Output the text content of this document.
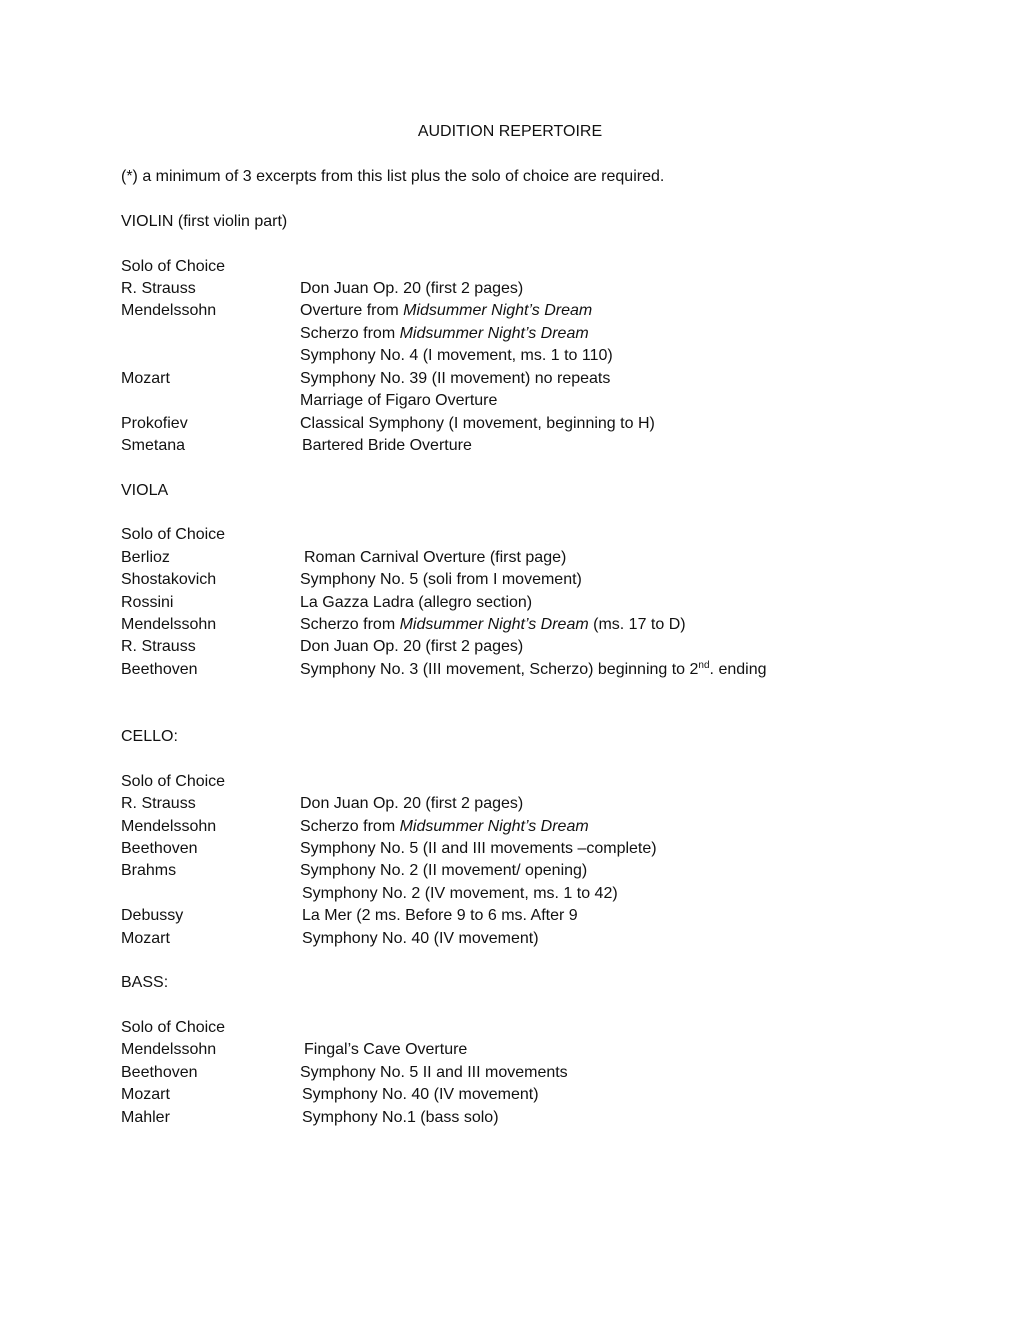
AUDITION REPERTOIRE
(*) a minimum of 3 excerpts from this list plus the solo of choice are required.
VIOLIN (first violin part)
Solo of Choice
R. Strauss	Don Juan Op. 20 (first 2 pages)
Mendelssohn	Overture from Midsummer Night’s Dream
Scherzo from Midsummer Night’s Dream
Symphony No. 4 (I movement, ms. 1 to 110)
Mozart	Symphony No. 39 (II movement) no repeats
Marriage of Figaro Overture
Prokofiev	Classical Symphony (I movement, beginning to H)
Smetana	Bartered Bride Overture
VIOLA
Solo of Choice
Berlioz	Roman Carnival Overture (first page)
Shostakovich	Symphony No. 5 (soli from I movement)
Rossini	La Gazza Ladra (allegro section)
Mendelssohn	Scherzo from Midsummer Night’s Dream (ms. 17 to D)
R. Strauss	Don Juan Op. 20 (first 2 pages)
Beethoven	Symphony No. 3 (III movement, Scherzo) beginning to 2nd. ending
CELLO:
Solo of Choice
R. Strauss	Don Juan Op. 20 (first 2 pages)
Mendelssohn	Scherzo from Midsummer Night’s Dream
Beethoven	Symphony No. 5 (II and III movements –complete)
Brahms	Symphony No. 2 (II movement/ opening)
Symphony No. 2 (IV movement, ms. 1 to 42)
Debussy	La Mer (2 ms. Before 9 to 6 ms. After 9
Mozart	Symphony No. 40 (IV movement)
BASS:
Solo of Choice
Mendelssohn	Fingal’s Cave Overture
Beethoven	Symphony No. 5 II and III movements
Mozart	Symphony No. 40 (IV movement)
Mahler	Symphony No.1 (bass solo)
